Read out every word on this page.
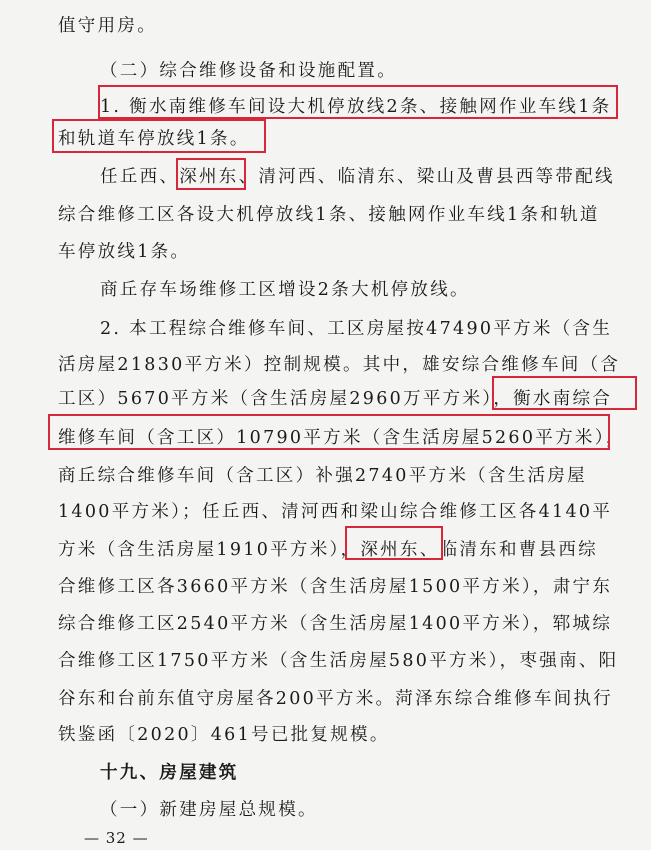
值守用房。
（二）综合维修设备和设施配置。
1. 衡水南维修车间设大机停放线2条、接触网作业车线1条
和轨道车停放线1条。
任丘西、深州东、清河西、临清东、梁山及曹县西等带配线
综合维修工区各设大机停放线1条、接触网作业车线1条和轨道
车停放线1条。
商丘存车场维修工区增设2条大机停放线。
2. 本工程综合维修车间、工区房屋按47490平方米（含生
活房屋21830平方米）控制规模。其中，雄安综合维修车间（含
工区）5670平方米（含生活房屋2960万平方米），衡水南综合
维修车间（含工区）10790平方米（含生活房屋5260平方米），
商丘综合维修车间（含工区）补强2740平方米（含生活房屋
1400平方米）；任丘西、清河西和梁山综合维修工区各4140平
方米（含生活房屋1910平方米），深州东、临清东和曹县西综
合维修工区各3660平方米（含生活房屋1500平方米），肃宁东
综合维修工区2540平方米（含生活房屋1400平方米），郓城综
合维修工区1750平方米（含生活房屋580平方米），枣强南、阳
谷东和台前东值守房屋各200平方米。菏泽东综合维修车间执行
铁鉴函〔2020〕461号已批复规模。
十九、房屋建筑
（一）新建房屋总规模。
— 32 —
